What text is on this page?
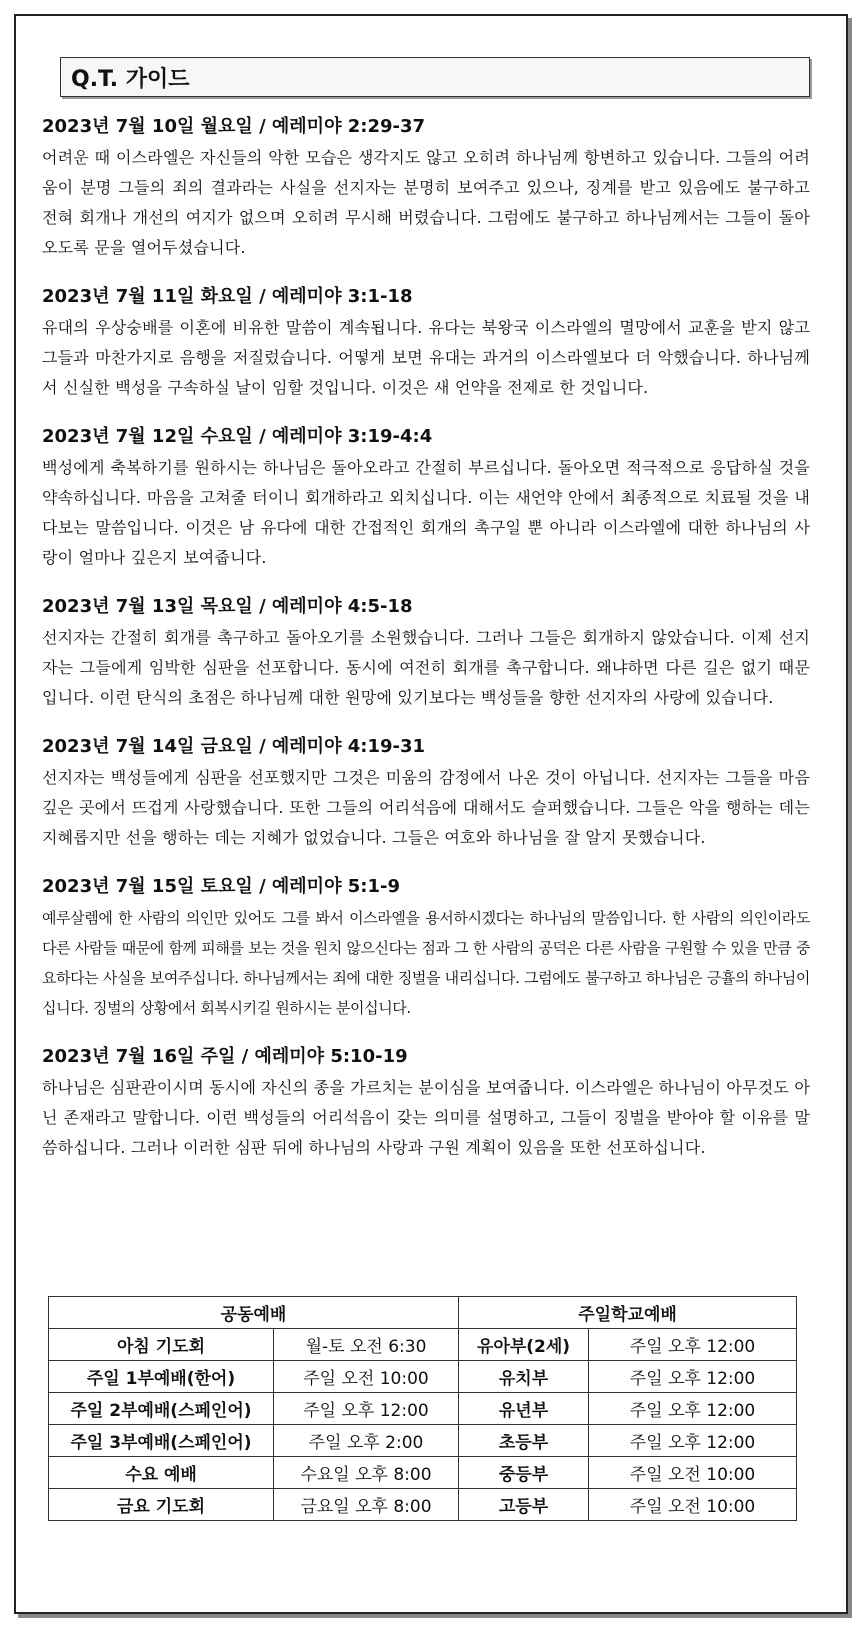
Q.T. 가이드
2023년 7월 10일 월요일 / 예레미야 2:29-37

어려운 때 이스라엘은 자신들의 악한 모습은 생각지도 않고 오히려 하나님께 항변하고 있습니다. 그들의 어려움이 분명 그들의 죄의 결과라는 사실을 선지자는 분명히 보여주고 있으나, 징계를 받고 있음에도 불구하고 전혀 회개나 개선의 여지가 없으며 오히려 무시해 버렸습니다. 그럼에도 불구하고 하나님께서는 그들이 돌아오도록 문을 열어두셨습니다.

2023년 7월 11일 화요일 / 예레미야 3:1-18

유대의 우상숭배를 이혼에 비유한 말씀이 계속됩니다. 유다는 북왕국 이스라엘의 멸망에서 교훈을 받지 않고 그들과 마찬가지로 음행을 저질렀습니다. 어떻게 보면 유대는 과거의 이스라엘보다 더 악했습니다. 하나님께서 신실한 백성을 구속하실 날이 임할 것입니다. 이것은 새 언약을 전제로 한 것입니다.

2023년 7월 12일 수요일 / 예레미야 3:19-4:4

백성에게 축복하기를 원하시는 하나님은 돌아오라고 간절히 부르십니다. 돌아오면 적극적으로 응답하실 것을 약속하십니다. 마음을 고쳐줄 터이니 회개하라고 외치십니다. 이는 새언약 안에서 최종적으로 치료될 것을 내다보는 말씀입니다. 이것은 남 유다에 대한 간접적인 회개의 촉구일 뿐 아니라 이스라엘에 대한 하나님의 사랑이 얼마나 깊은지 보여줍니다.

2023년 7월 13일 목요일 / 예레미야 4:5-18

선지자는 간절히 회개를 촉구하고 돌아오기를 소원했습니다. 그러나 그들은 회개하지 않았습니다. 이제 선지자는 그들에게 임박한 심판을 선포합니다. 동시에 여전히 회개를 촉구합니다. 왜냐하면 다른 길은 없기 때문입니다. 이런 탄식의 초점은 하나님께 대한 원망에 있기보다는 백성들을 향한 선지자의 사랑에 있습니다.

2023년 7월 14일 금요일 / 예레미야 4:19-31

선지자는 백성들에게 심판을 선포했지만 그것은 미움의 감정에서 나온 것이 아닙니다. 선지자는 그들을 마음 깊은 곳에서 뜨겁게 사랑했습니다. 또한 그들의 어리석음에 대해서도 슬퍼했습니다. 그들은 악을 행하는 데는 지혜롭지만 선을 행하는 데는 지혜가 없었습니다. 그들은 여호와 하나님을 잘 알지 못했습니다.

2023년 7월 15일 토요일 / 예레미야 5:1-9

예루살렘에 한 사람의 의인만 있어도 그를 봐서 이스라엘을 용서하시겠다는 하나님의 말씀입니다. 한 사람의 의인이라도 다른 사람들 때문에 함께 피해를 보는 것을 원치 않으신다는 점과 그 한 사람의 공덕은 다른 사람을 구원할 수 있을 만큼 중요하다는 사실을 보여주십니다. 하나님께서는 죄에 대한 징벌을 내리십니다. 그럼에도 불구하고 하나님은 긍휼의 하나님이십니다. 징벌의 상황에서 회복시키길 원하시는 분이십니다.

2023년 7월 16일 주일 / 예레미야 5:10-19

하나님은 심판관이시며 동시에 자신의 종을 가르치는 분이심을 보여줍니다. 이스라엘은 하나님이 아무것도 아닌 존재라고 말합니다. 이런 백성들의 어리석음이 갖는 의미를 설명하고, 그들이 징벌을 받아야 할 이유를 말씀하십니다. 그러나 이러한 심판 뒤에 하나님의 사랑과 구원 계획이 있음을 또한 선포하십니다.

공동예배		주일학교예배	
아침 기도회	월-토 오전 6:30	유아부(2세)	주일 오후 12:00
주일 1부예배(한어)	주일 오전 10:00	유치부	주일 오후 12:00
주일 2부예배(스페인어)	주일 오후 12:00	유년부	주일 오후 12:00
주일 3부예배(스페인어)	주일 오후 2:00	초등부	주일 오후 12:00
수요 예배	수요일 오후 8:00	중등부	주일 오전 10:00
금요 기도회	금요일 오후 8:00	고등부	주일 오전 10:00
